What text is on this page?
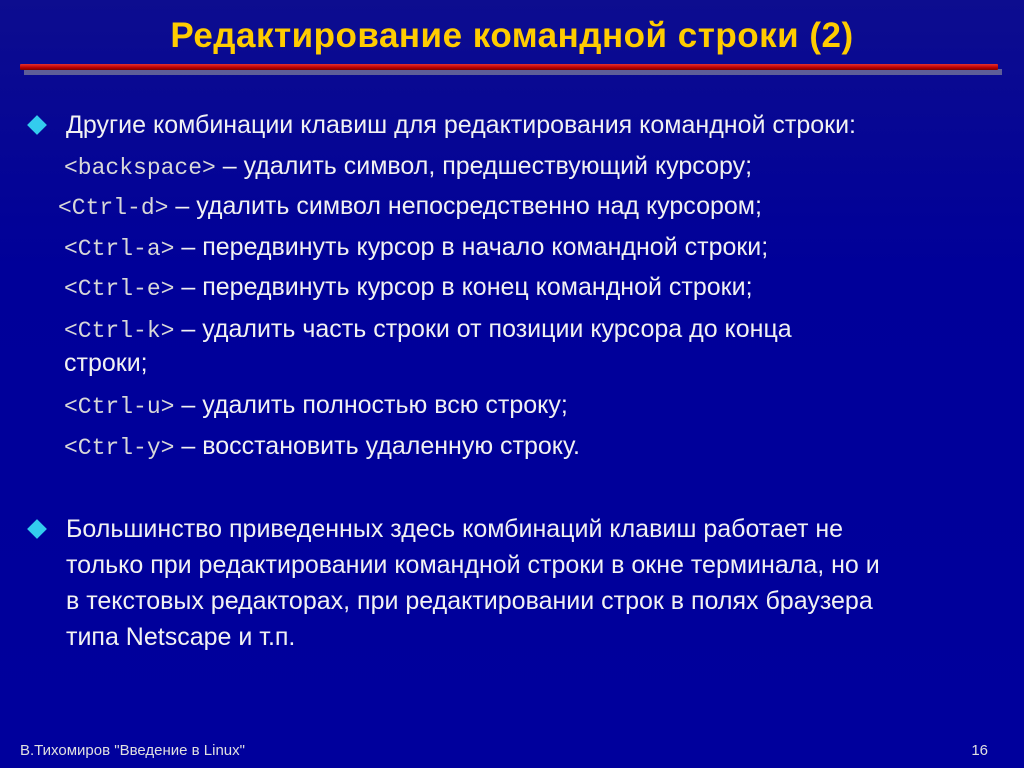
Редактирование командной строки (2)
Другие комбинации клавиш для редактирования командной строки:
<backspace> – удалить символ, предшествующий курсору;
<Ctrl-d> – удалить символ непосредственно над курсором;
<Ctrl-a> – передвинуть курсор в начало командной строки;
<Ctrl-e> – передвинуть курсор в конец командной строки;
<Ctrl-k> – удалить часть строки от позиции курсора до конца
строки;
<Ctrl-u> – удалить полностью всю строку;
<Ctrl-y> – восстановить удаленную строку.
Большинство приведенных здесь комбинаций клавиш работает не
только при редактировании командной строки в окне терминала, но и
в текстовых редакторах, при редактировании строк в полях браузера
типа Netscape и т.п.
В.Тихомиров "Введение в Linux"	16
